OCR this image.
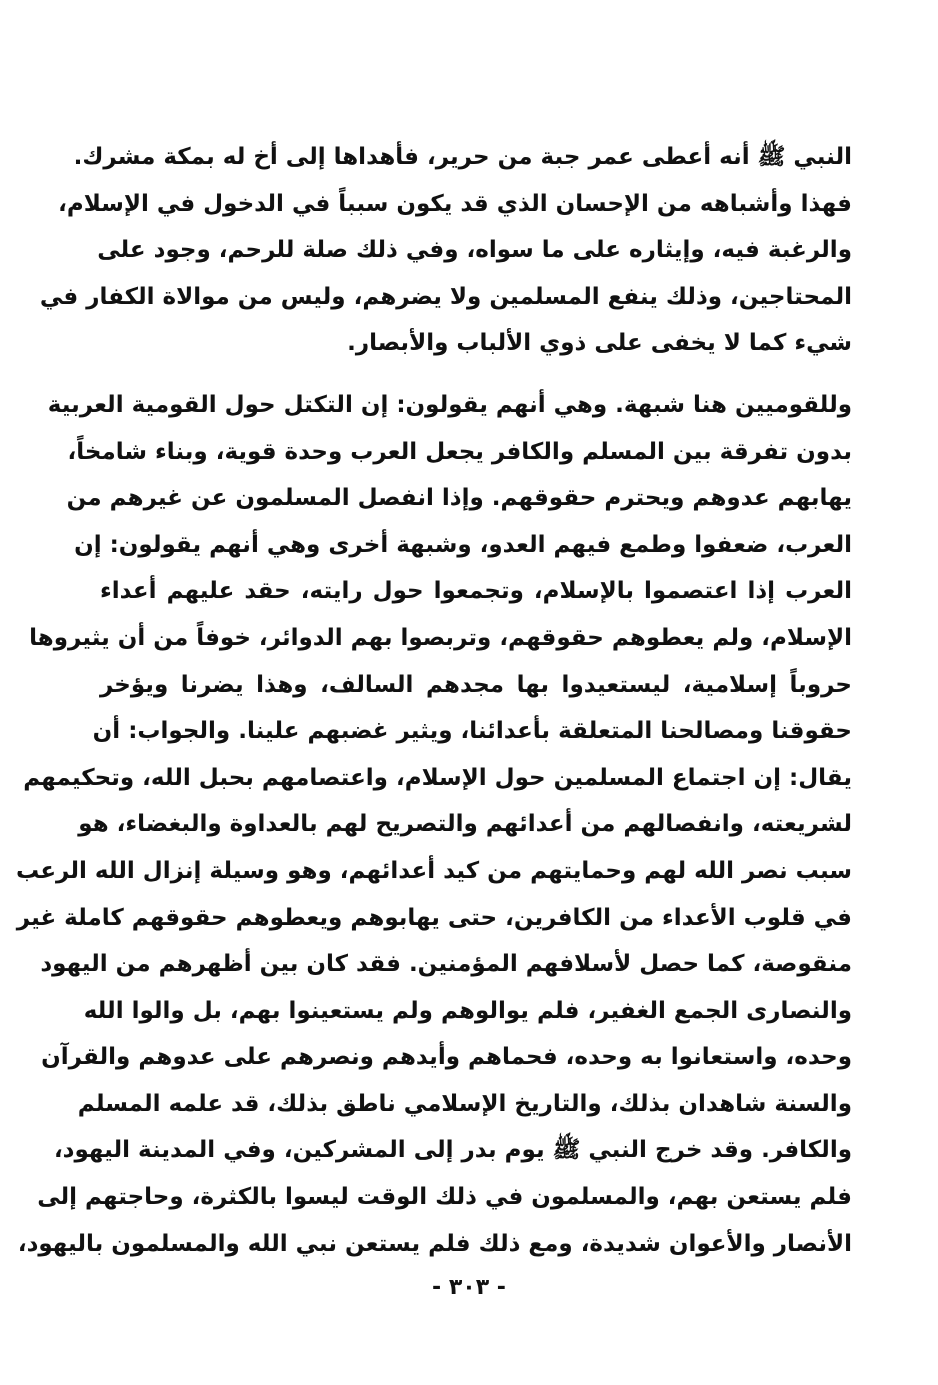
النبي ﷺ أنه أعطى عمر جبة من حرير، فأهداها إلى أخ له بمكة مشرك.
فهذا وأشباهه من الإحسان الذي قد يكون سبباً في الدخول في الإسلام،
والرغبة فيه، وإيثاره على ما سواه، وفي ذلك صلة للرحم، وجود على
المحتاجين، وذلك ينفع المسلمين ولا يضرهم، وليس من موالاة الكفار في
شيء كما لا يخفى على ذوي الألباب والأبصار.
وللقوميين هنا شبهة. وهي أنهم يقولون: إن التكتل حول القومية العربية
بدون تفرقة بين المسلم والكافر يجعل العرب وحدة قوية، وبناء شامخاً،
يهابهم عدوهم ويحترم حقوقهم. وإذا انفصل المسلمون عن غيرهم من
العرب، ضعفوا وطمع فيهم العدو، وشبهة أخرى وهي أنهم يقولون: إن
العرب إذا اعتصموا بالإسلام، وتجمعوا حول رايته، حقد عليهم أعداء
الإسلام، ولم يعطوهم حقوقهم، وتربصوا بهم الدوائر، خوفاً من أن يثيروها
حروباً إسلامية، ليستعيدوا بها مجدهم السالف، وهذا يضرنا ويؤخر
حقوقنا ومصالحنا المتعلقة بأعدائنا، ويثير غضبهم علينا. والجواب: أن
يقال: إن اجتماع المسلمين حول الإسلام، واعتصامهم بحبل الله، وتحكيمهم
لشريعته، وانفصالهم من أعدائهم والتصريح لهم بالعداوة والبغضاء، هو
سبب نصر الله لهم وحمايتهم من كيد أعدائهم، وهو وسيلة إنزال الله الرعب
في قلوب الأعداء من الكافرين، حتى يهابوهم ويعطوهم حقوقهم كاملة غير
منقوصة، كما حصل لأسلافهم المؤمنين. فقد كان بين أظهرهم من اليهود
والنصارى الجمع الغفير، فلم يوالوهم ولم يستعينوا بهم، بل والوا الله
وحده، واستعانوا به وحده، فحماهم وأيدهم ونصرهم على عدوهم والقرآن
والسنة شاهدان بذلك، والتاريخ الإسلامي ناطق بذلك، قد علمه المسلم
والكافر. وقد خرج النبي ﷺ يوم بدر إلى المشركين، وفي المدينة اليهود،
فلم يستعن بهم، والمسلمون في ذلك الوقت ليسوا بالكثرة، وحاجتهم إلى
الأنصار والأعوان شديدة، ومع ذلك فلم يستعن نبي الله والمسلمون باليهود،
- ٣٠٣ -
